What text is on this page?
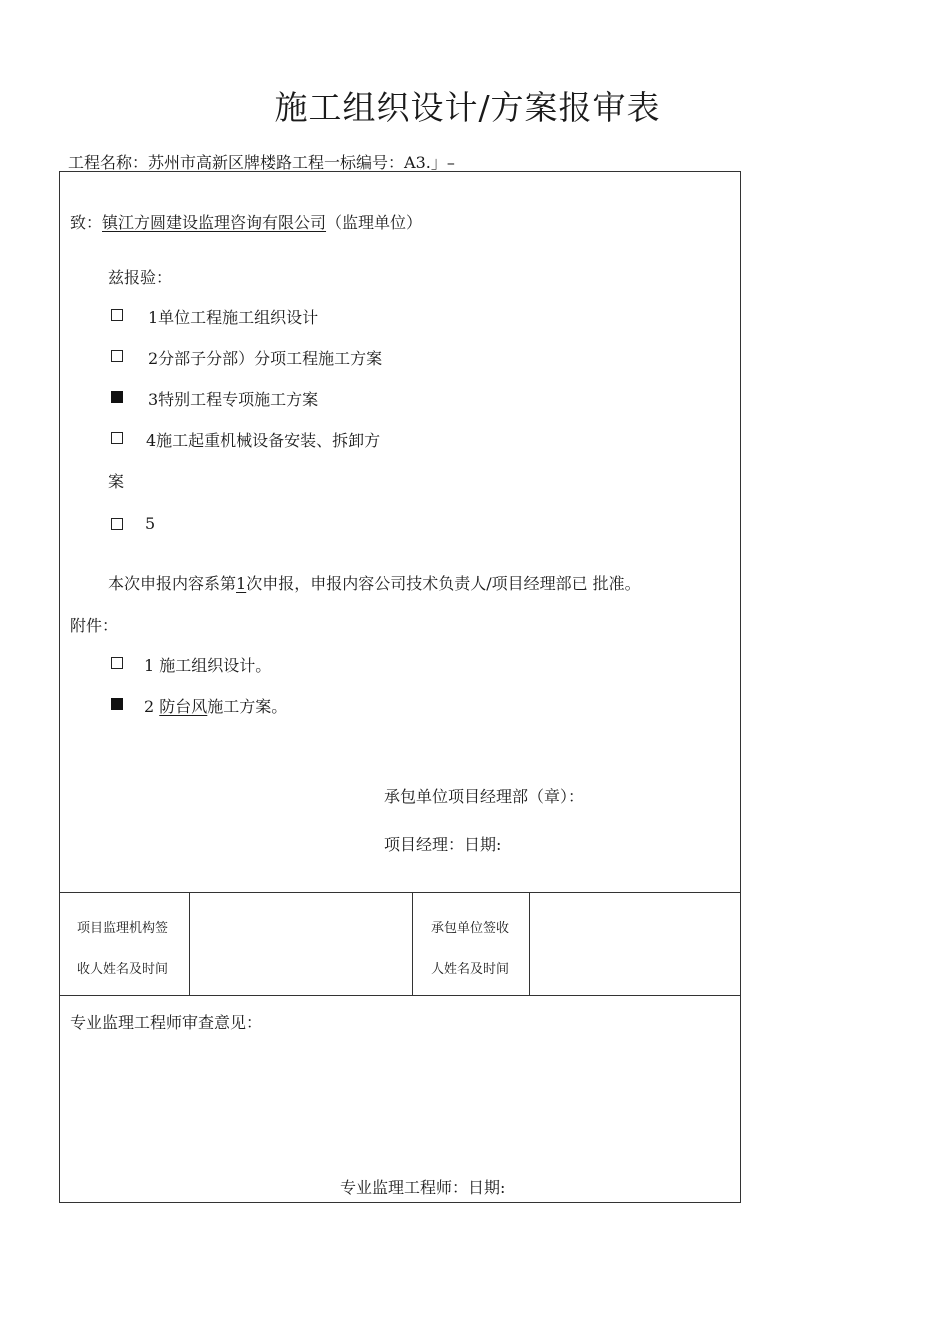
施工组织设计/方案报审表
工程名称：苏州市高新区牌楼路工程一标编号：A3.」–
致：镇江方圆建设监理咨询有限公司（监理单位）
兹报验：
1单位工程施工组织设计
2分部子分部）分项工程施工方案
3特别工程专项施工方案
4施工起重机械设备安装、拆卸方
案
5
本次申报内容系第1次申报，申报内容公司技术负责人/项目经理部已 批准。
附件：
1 施工组织设计。
2 防台风施工方案。
承包单位项目经理部（章）：
项目经理：日期:
项目监理机构签
收人姓名及时间
承包单位签收
人姓名及时间
专业监理工程师审查意见：
专业监理工程师：日期:
